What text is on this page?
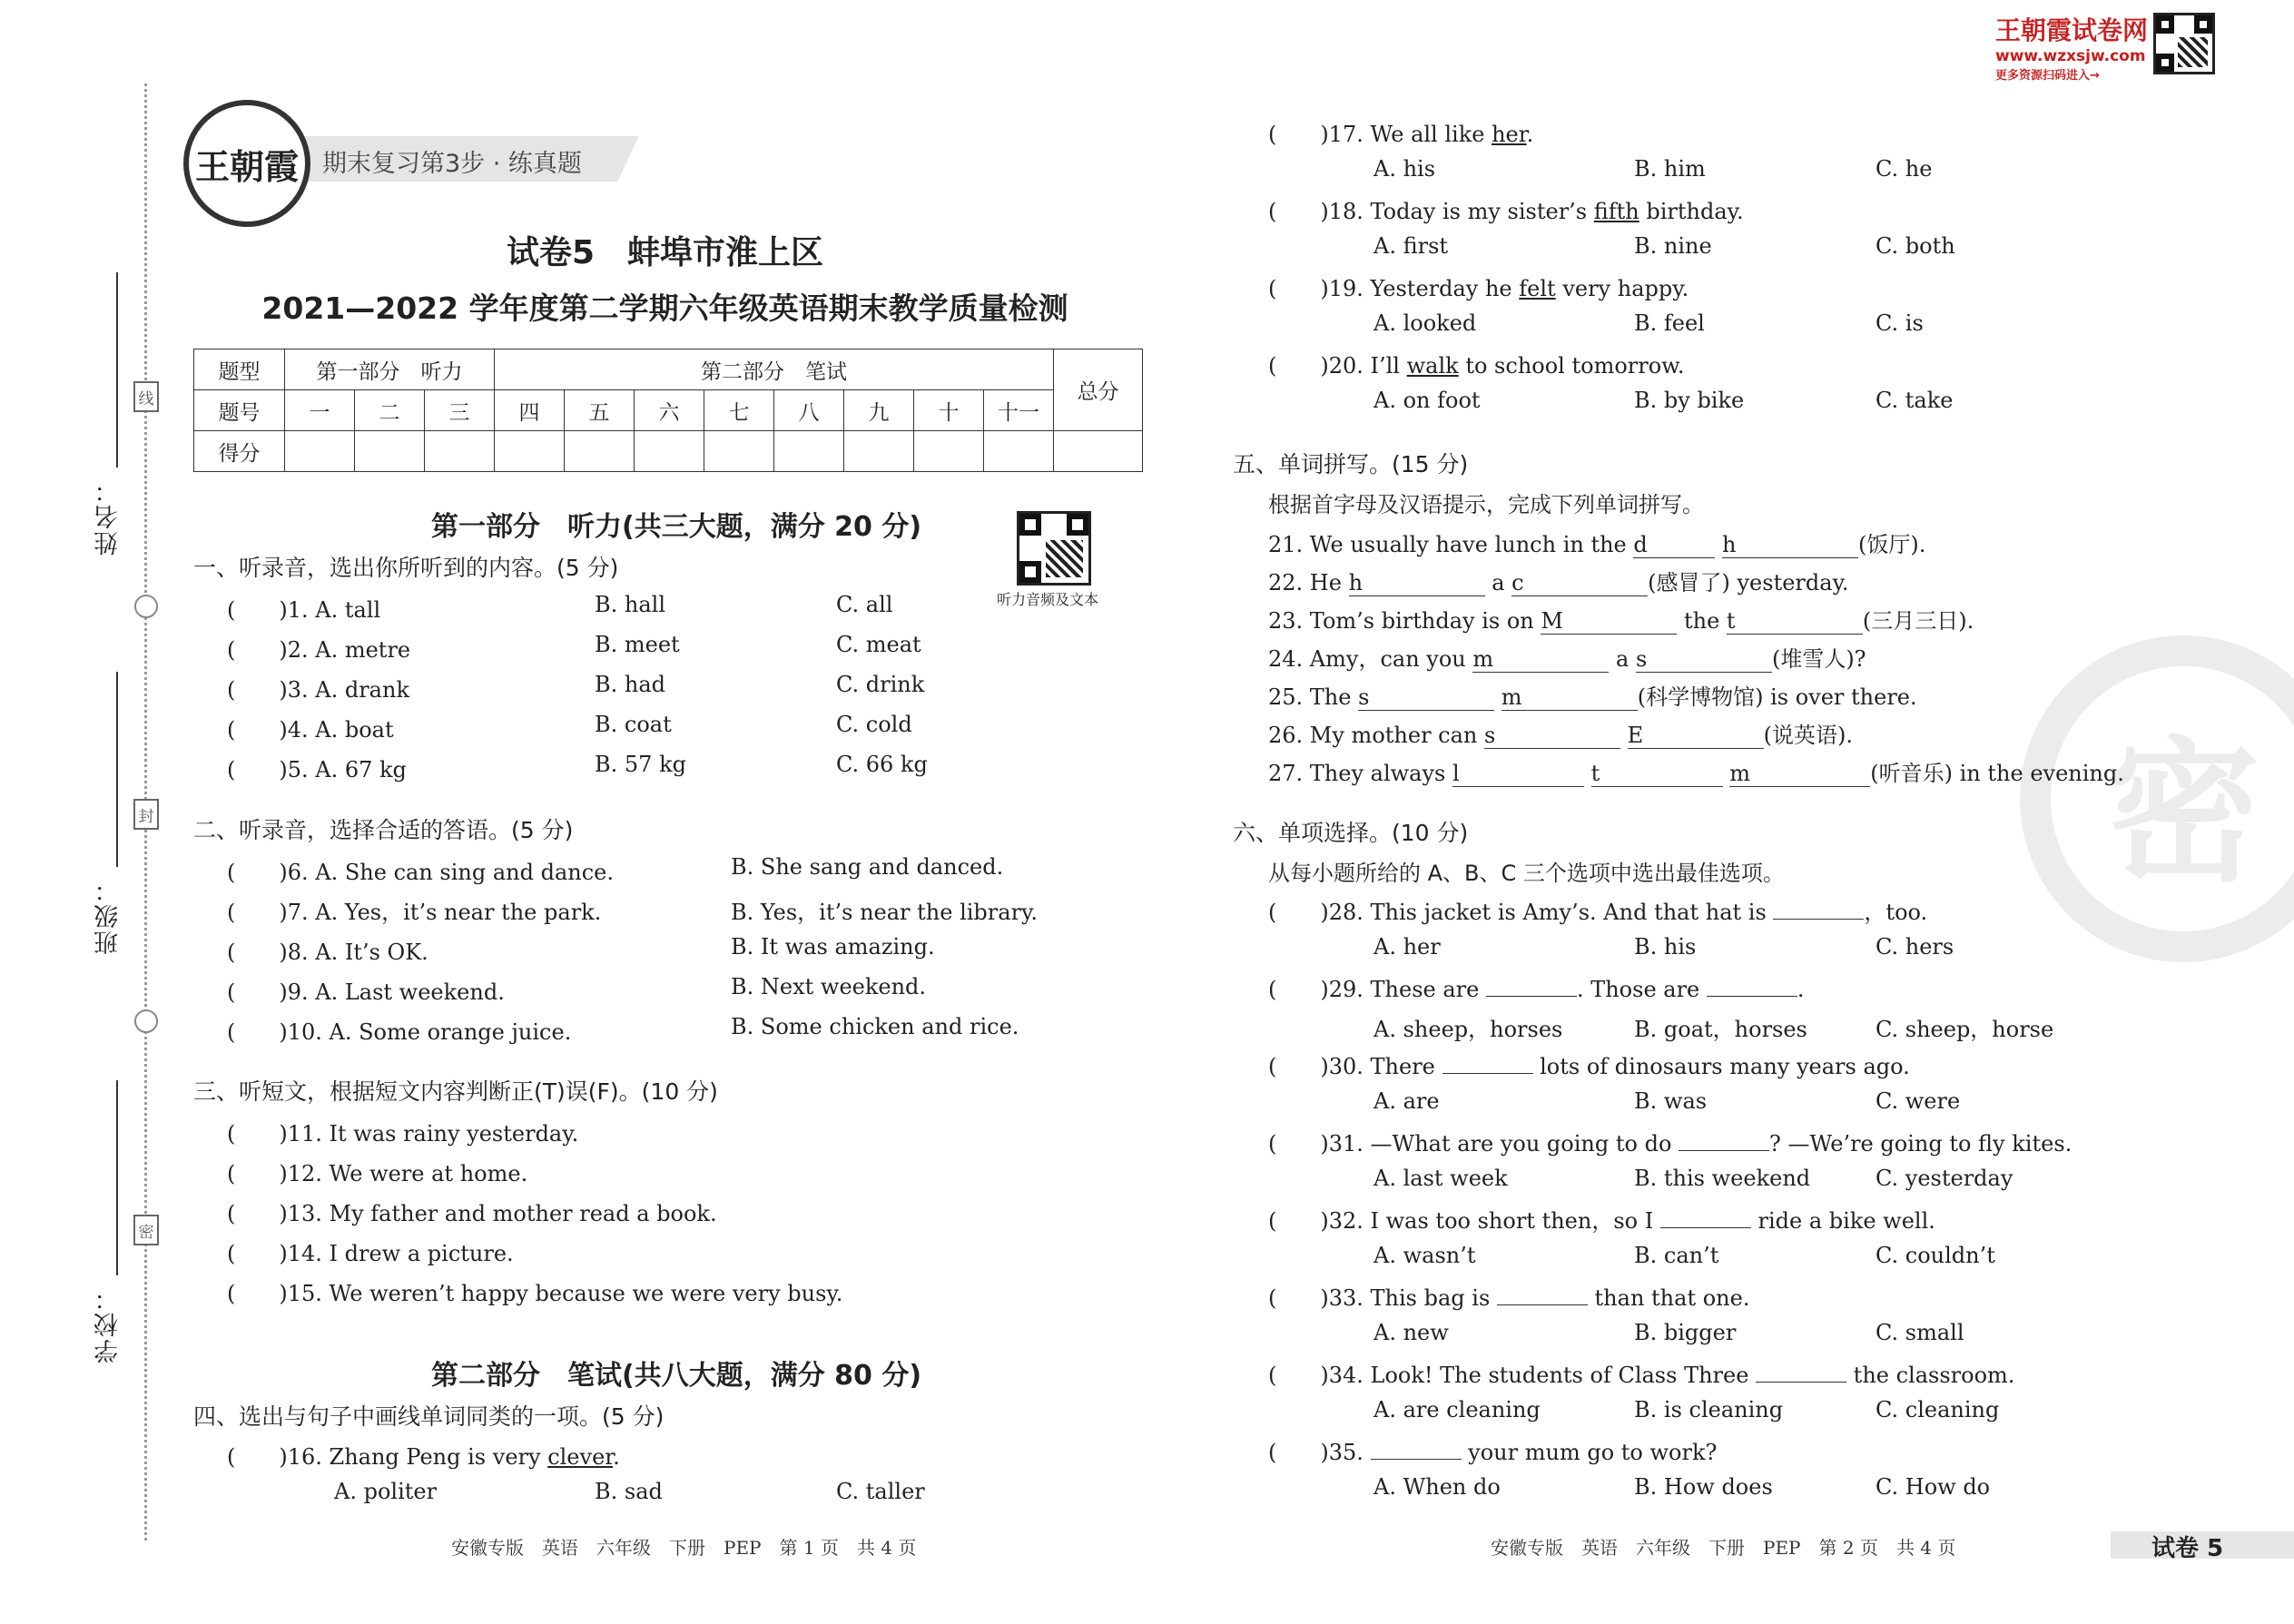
姓名：
班级：
学校：
线
封
密
期末复习第3步 · 练真题
王朝霞
试卷5　蚌埠市淮上区
2021—2022 学年度第二学期六年级英语期末教学质量检测
王朝霞试卷网
www.wzxsjw.com
更多资源扫码进入→
题型	第一部分　听力			第二部分　笔试								总分
题号	一	二	三	四	五	六	七	八	九	十	十一	
得分												
第一部分　听力(共三大题，满分 20 分)
听力音频及文本
一、听录音，选出你所听到的内容。(5 分)
(　　)1. A. tall	B. hall	C. all
(　　)2. A. metre	B. meet	C. meat
(　　)3. A. drank	B. had	C. drink
(　　)4. A. boat	B. coat	C. cold
(　　)5. A. 67 kg	B. 57 kg	C. 66 kg
二、听录音，选择合适的答语。(5 分)
(　　)6. A. She can sing and dance.	B. She sang and danced.
(　　)7. A. Yes，it’s near the park.	B. Yes，it’s near the library.
(　　)8. A. It’s OK.	B. It was amazing.
(　　)9. A. Last weekend.	B. Next weekend.
(　　)10. A. Some orange juice.	B. Some chicken and rice.
三、听短文，根据短文内容判断正(T)误(F)。(10 分)
(　　)11. It was rainy yesterday.
(　　)12. We were at home.
(　　)13. My father and mother read a book.
(　　)14. I drew a picture.
(　　)15. We weren’t happy because we were very busy.
第二部分　笔试(共八大题，满分 80 分)
四、选出与句子中画线单词同类的一项。(5 分)
(　　)16. Zhang Peng is very clever.
A. politer	B. sad	C. taller
(　　)17. We all like her.
A. his	B. him	C. he
(　　)18. Today is my sister’s fifth birthday.
A. first	B. nine	C. both
(　　)19. Yesterday he felt very happy.
A. looked	B. feel	C. is
(　　)20. I’ll walk to school tomorrow.
A. on foot	B. by bike	C. take
密
五、单词拼写。(15 分)
根据首字母及汉语提示，完成下列单词拼写。
21. We usually have lunch in the d	h	(饭厅).
22. He h	a c	(感冒了) yesterday.
23. Tom’s birthday is on M	the t	(三月三日).
24. Amy，can you m	a s	(堆雪人)?
25. The s	m	(科学博物馆) is over there.
26. My mother can s	E	(说英语).
27. They always l	t	m	(听音乐) in the evening.
六、单项选择。(10 分)
从每小题所给的 A、B、C 三个选项中选出最佳选项。
(　　)28. This jacket is Amy’s. And that hat is	，too.
A. her	B. his	C. hers
(　　)29. These are	. Those are	.
A. sheep，horses	B. goat，horses	C. sheep，horse
(　　)30. There	lots of dinosaurs many years ago.
A. are	B. was	C. were
(　　)31. —What are you going to do	? —We’re going to fly kites.
A. last week	B. this weekend	C. yesterday
(　　)32. I was too short then，so I	ride a bike well.
A. wasn’t	B. can’t	C. couldn’t
(　　)33. This bag is	than that one.
A. new	B. bigger	C. small
(　　)34. Look! The students of Class Three	the classroom.
A. are cleaning	B. is cleaning	C. cleaning
(　　)35.	your mum go to work?
A. When do	B. How does	C. How do
安徽专版　英语　六年级　下册　PEP　第 1 页　共 4 页	安徽专版　英语　六年级　下册　PEP　第 2 页　共 4 页	试卷 5
